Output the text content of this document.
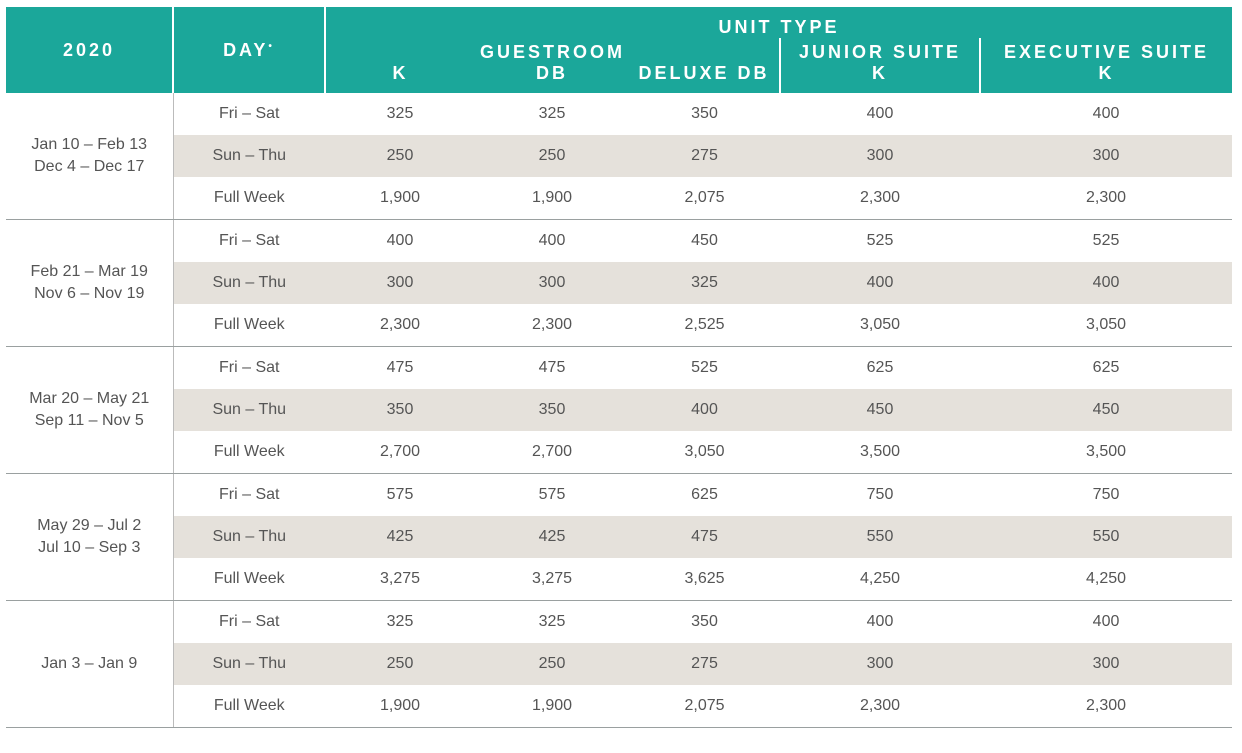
2020	DAY•	UNIT TYPE				
		GUESTROOM			JUNIOR SUITE	EXECUTIVE SUITE
		K	DB	DELUXE DB	K	K

Jan 10 – Feb 13
Dec 4 – Dec 17	Fri – Sat	325	325	350	400	400
	Sun – Thu	250	250	275	300	300
	Full Week	1,900	1,900	2,075	2,300	2,300

Feb 21 – Mar 19
Nov 6 – Nov 19	Fri – Sat	400	400	450	525	525
	Sun – Thu	300	300	325	400	400
	Full Week	2,300	2,300	2,525	3,050	3,050

Mar 20 – May 21
Sep 11 – Nov 5	Fri – Sat	475	475	525	625	625
	Sun – Thu	350	350	400	450	450
	Full Week	2,700	2,700	3,050	3,500	3,500

May 29 – Jul 2
Jul 10 – Sep 3	Fri – Sat	575	575	625	750	750
	Sun – Thu	425	425	475	550	550
	Full Week	3,275	3,275	3,625	4,250	4,250

Jan 3 – Jan 9	Fri – Sat	325	325	350	400	400
	Sun – Thu	250	250	275	300	300
	Full Week	1,900	1,900	2,075	2,300	2,300
